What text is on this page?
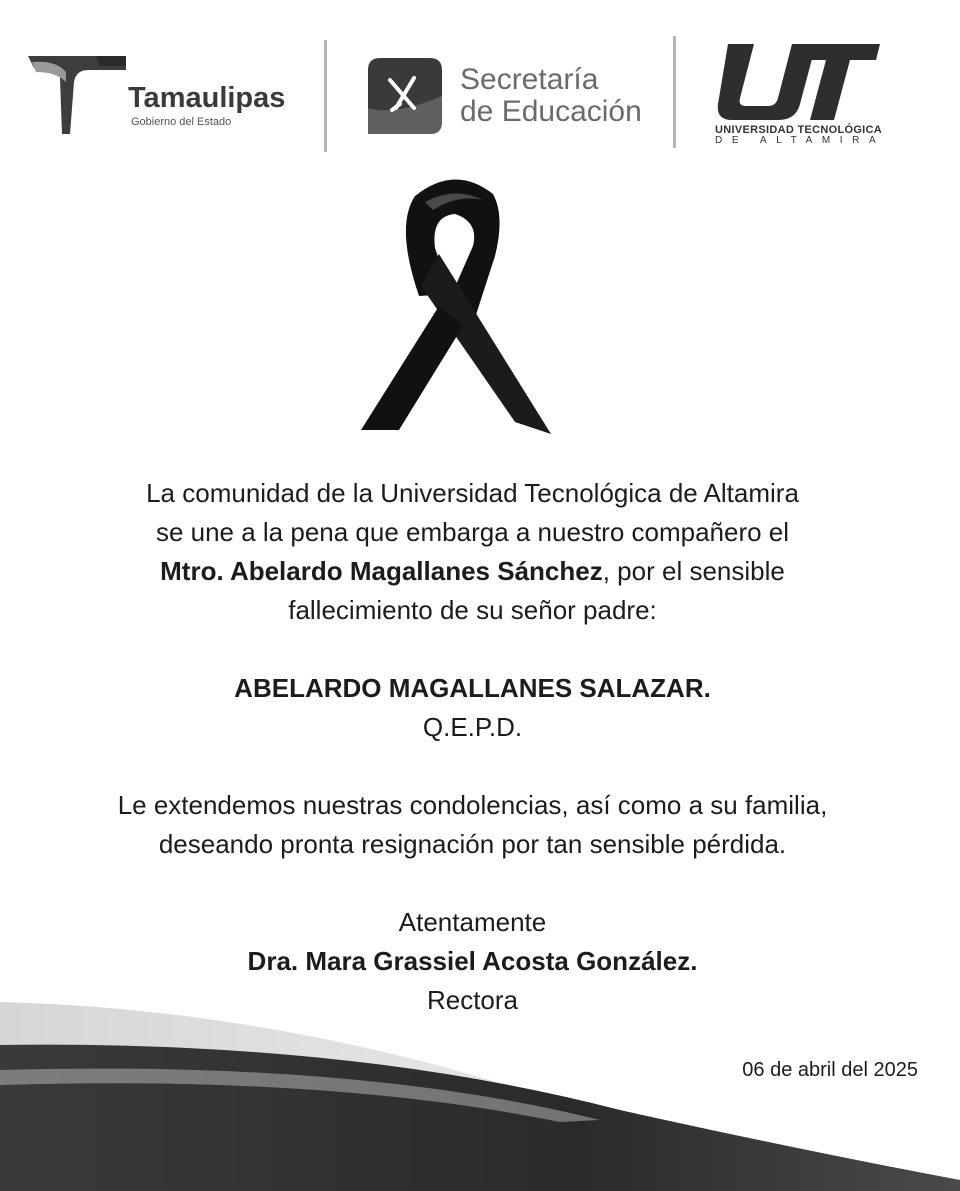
Tamaulipas
Gobierno del Estado
Secretaría
de Educación
UNIVERSIDAD TECNOLÓGICA
DE ALTAMIRA

La comunidad de la Universidad Tecnológica de Altamira

se une a la pena que embarga a nuestro compañero el

Mtro. Abelardo Magallanes Sánchez, por el sensible

fallecimiento de su señor padre:

ABELARDO MAGALLANES SALAZAR.

Q.E.P.D.

Le extendemos nuestras condolencias, así como a su familia,

deseando pronta resignación por tan sensible pérdida.

Atentamente

Dra. Mara Grassiel Acosta González.

Rectora

06 de abril del 2025
